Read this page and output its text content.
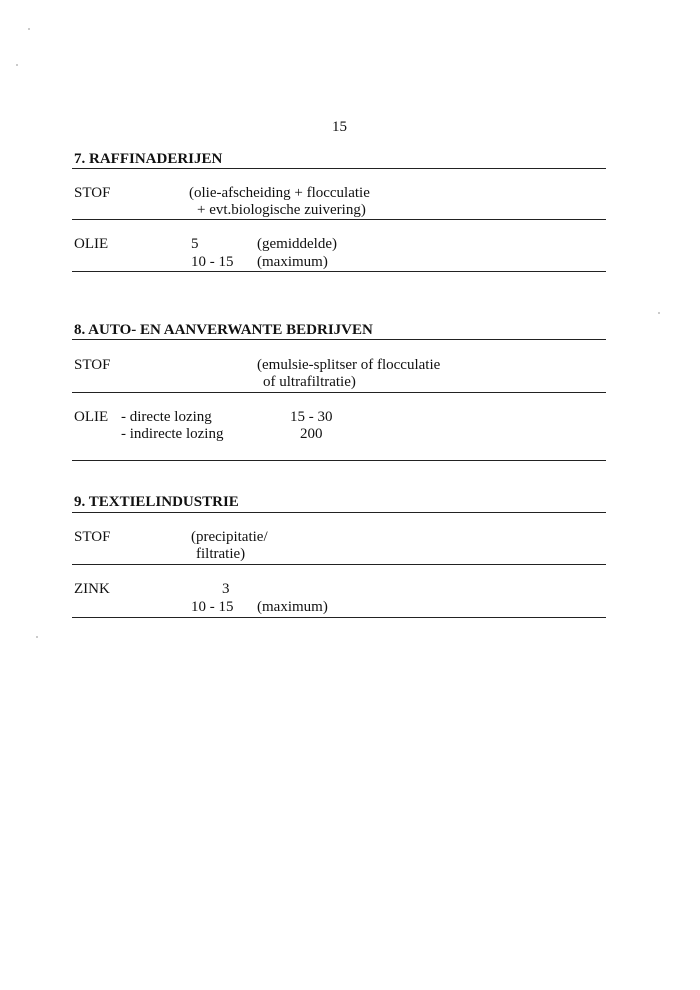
15
7. RAFFINADERIJEN
STOF	(olie-afscheiding + flocculatie
+ evt.biologische zuivering)
OLIE	5	(gemiddelde)
10 - 15 (maximum)
8. AUTO- EN AANVERWANTE BEDRIJVEN
STOF	(emulsie-splitser of flocculatie
of ultrafiltratie)
OLIE - directe lozing	15 - 30
- indirecte lozing	200
9. TEXTIELINDUSTRIE
STOF	(precipitatie/
filtratie)
ZINK	3
10 - 15 (maximum)
